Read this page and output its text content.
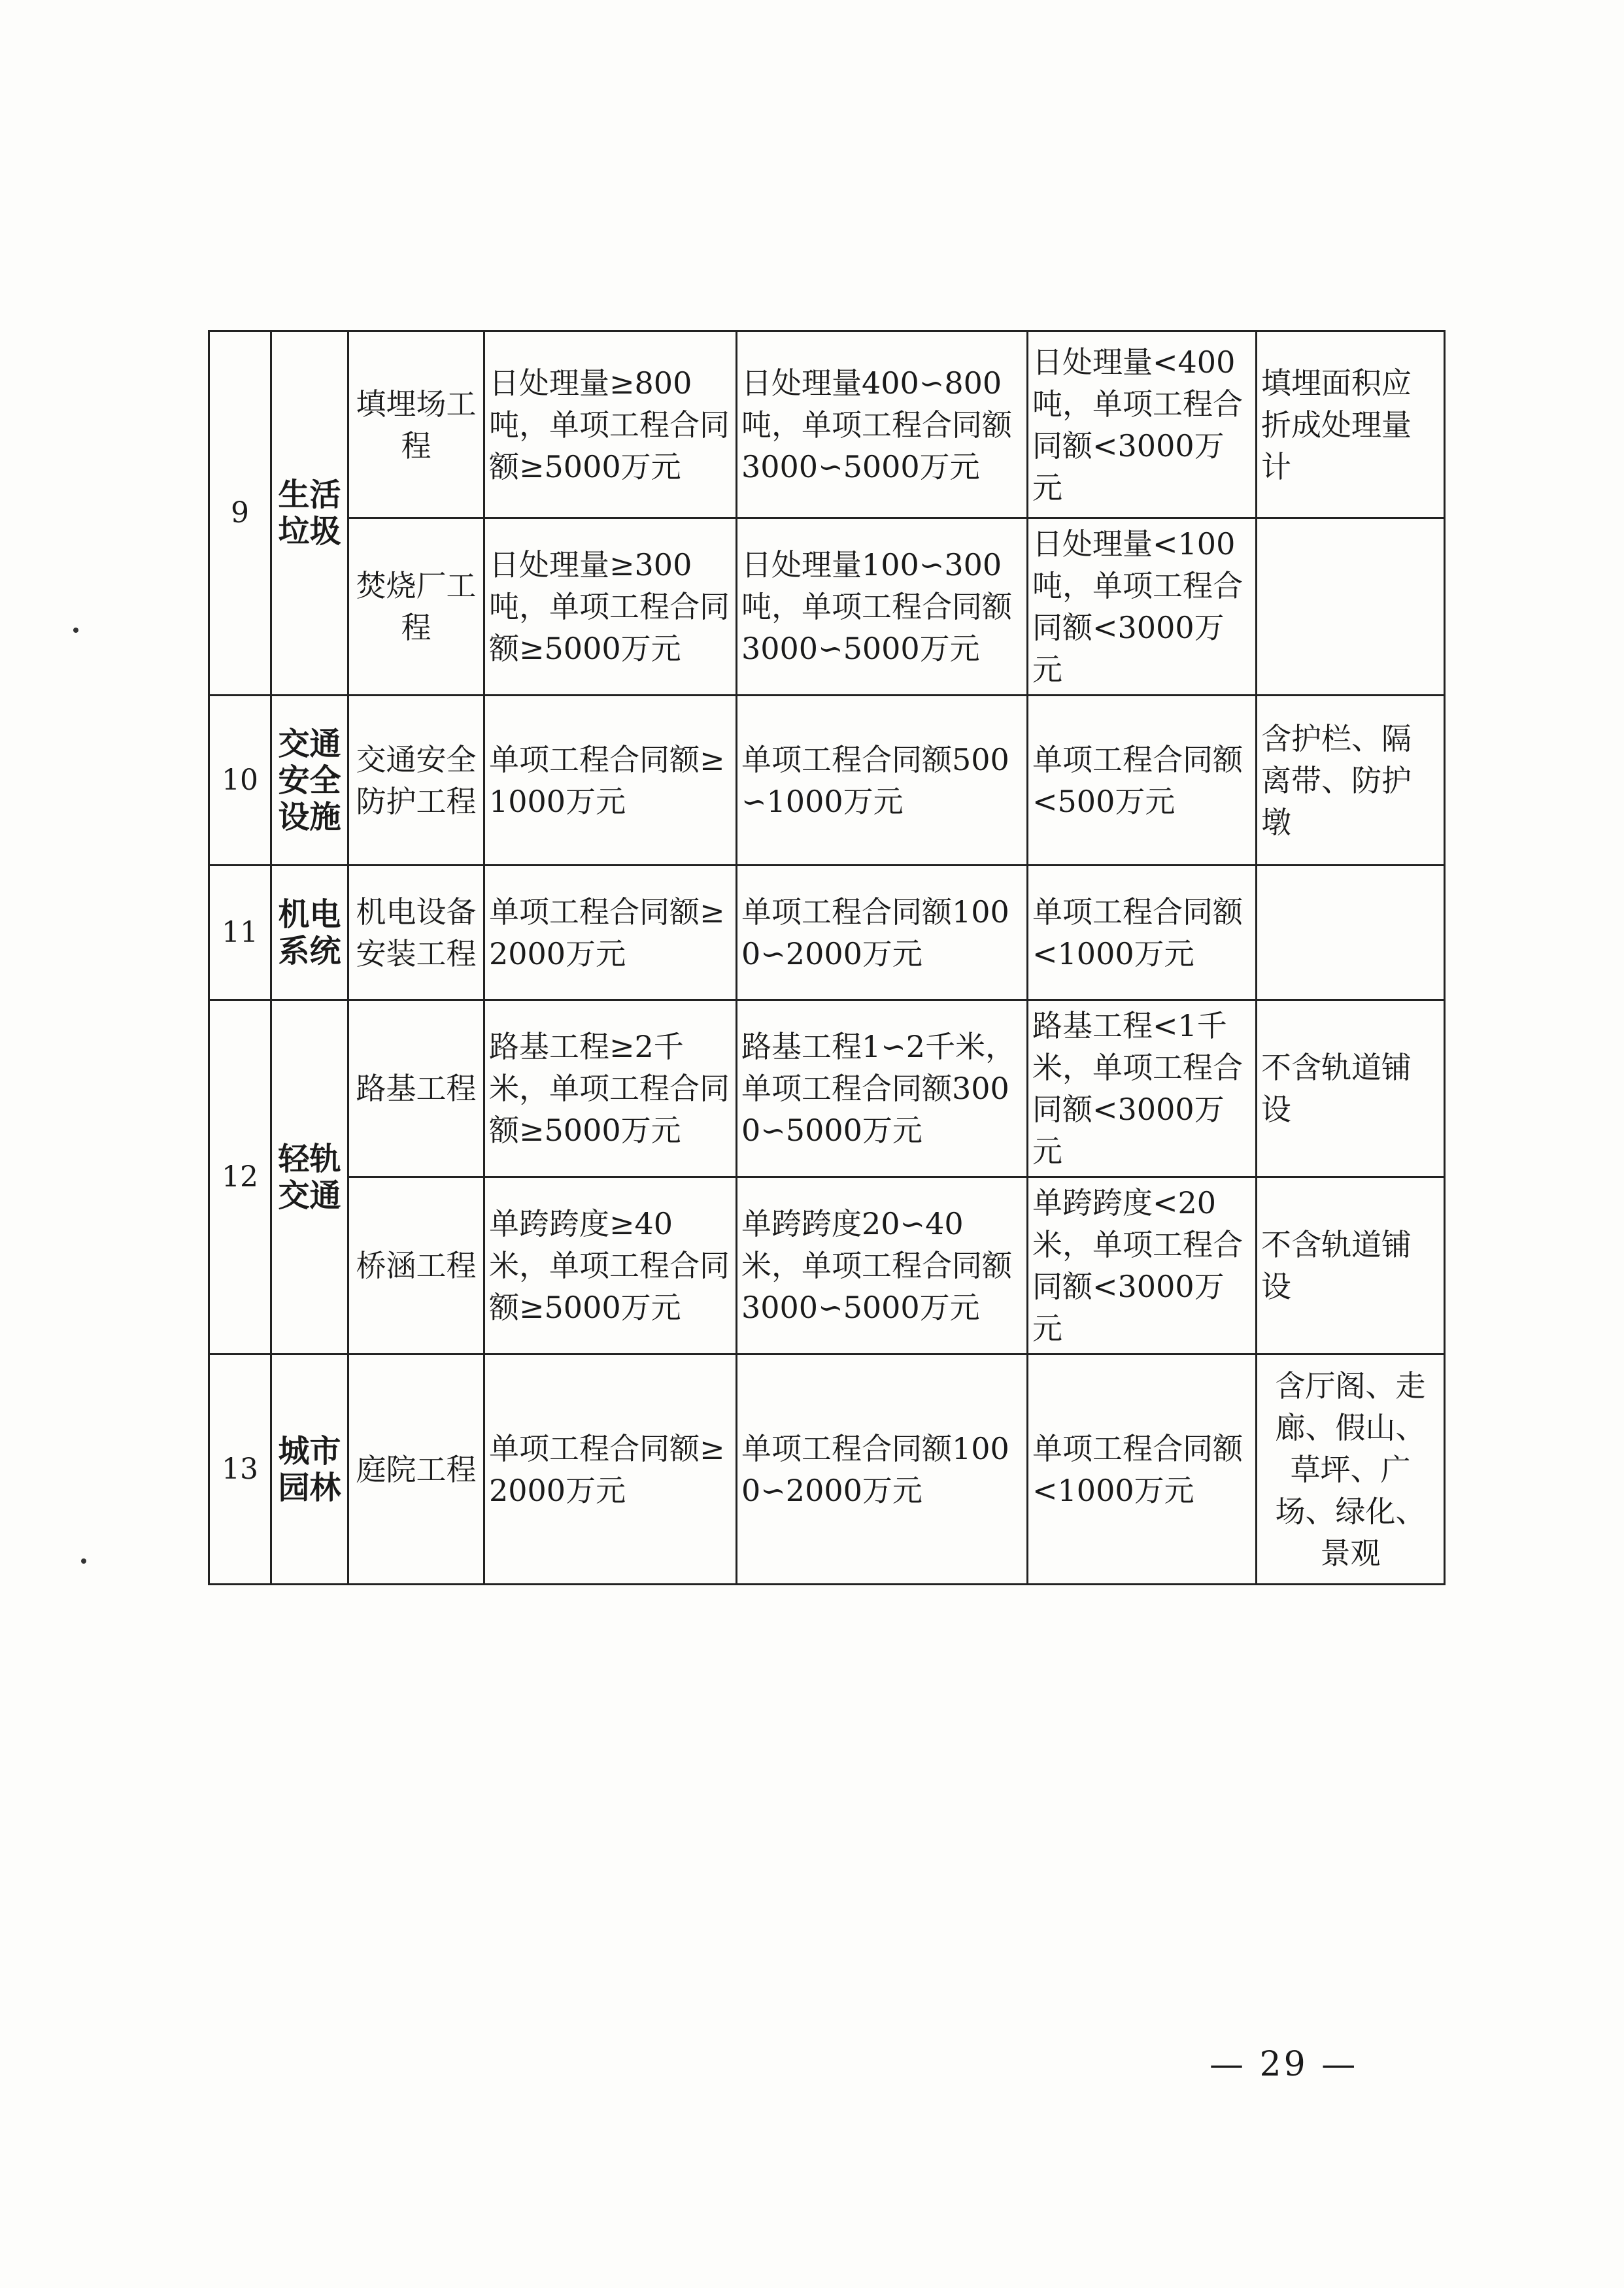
9	生活垃圾	填埋场工程	日处理量≥800吨，单项工程合同额≥5000万元	日处理量400∽800吨，单项工程合同额3000∽5000万元	日处理量<400吨，单项工程合同额<3000万元	填埋面积应折成处理量计
		焚烧厂工程	日处理量≥300吨，单项工程合同额≥5000万元	日处理量100∽300吨，单项工程合同额3000∽5000万元	日处理量<100吨，单项工程合同额<3000万元	
10	交通安全设施	交通安全防护工程	单项工程合同额≥1000万元	单项工程合同额500∽1000万元	单项工程合同额<500万元	含护栏、隔离带、防护墩
11	机电系统	机电设备安装工程	单项工程合同额≥2000万元	单项工程合同额1000∽2000万元	单项工程合同额<1000万元	
12	轻轨交通	路基工程	路基工程≥2千米，单项工程合同额≥5000万元	路基工程1∽2千米，单项工程合同额3000∽5000万元	路基工程<1千米，单项工程合同额<3000万元	不含轨道铺设
		桥涵工程	单跨跨度≥40米，单项工程合同额≥5000万元	单跨跨度20∽40米，单项工程合同额3000∽5000万元	单跨跨度<20米，单项工程合同额<3000万元	不含轨道铺设
13	城市园林	庭院工程	单项工程合同额≥2000万元	单项工程合同额1000∽2000万元	单项工程合同额<1000万元	含厅阁、走廊、假山、草坪、广场、绿化、景观
— 29 —
